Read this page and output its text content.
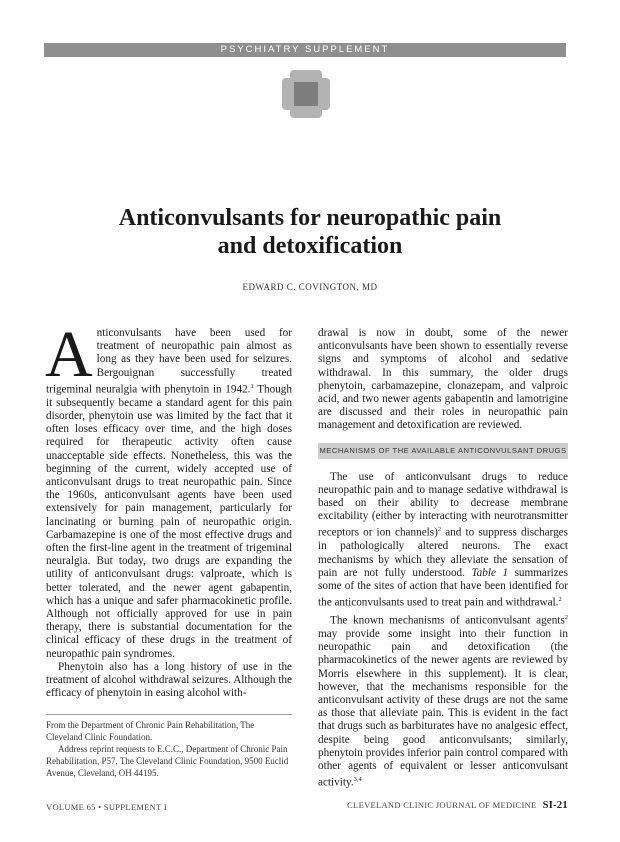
PSYCHIATRY SUPPLEMENT
Anticonvulsants for neuropathic pain
and detoxification
EDWARD C. COVINGTON, MD

Anticonvulsants have been used for treatment of neuropathic pain almost as long as they have been used for seizures. Bergouignan successfully treated trigeminal neuralgia with phenytoin in 1942.$^1$ Though it subsequently became a standard agent for this pain disorder, phenytoin use was limited by the fact that it often loses efficacy over time, and the high doses required for therapeutic activity often cause unacceptable side effects. Nonetheless, this was the beginning of the current, widely accepted use of anticonvulsant drugs to treat neuropathic pain. Since the 1960s, anticonvulsant agents have been used extensively for pain management, particularly for lancinating or burning pain of neuropathic origin. Carbamazepine is one of the most effective drugs and often the first-line agent in the treatment of trigeminal neuralgia. But today, two drugs are expanding the utility of anticonvulsant drugs: valproate, which is better tolerated, and the newer agent gabapentin, which has a unique and safer pharmacokinetic profile. Although not officially approved for use in pain therapy, there is substantial documentation for the clinical efficacy of these drugs in the treatment of neuropathic pain syndromes.

Phenytoin also has a long history of use in the treatment of alcohol withdrawal seizures. Although the efficacy of phenytoin in easing alcohol with-

From the Department of Chronic Pain Rehabilitation, The Cleveland Clinic Foundation.

Address reprint requests to E.C.C., Department of Chronic Pain Rehabilitation, P57, The Cleveland Clinic Foundation, 9500 Euclid Avenue, Cleveland, OH 44195.

drawal is now in doubt, some of the newer anticonvulsants have been shown to essentially reverse signs and symptoms of alcohol and sedative withdrawal. In this summary, the older drugs phenytoin, carbamazepine, clonazepam, and valproic acid, and two newer agents gabapentin and lamotrigine are discussed and their roles in neuropathic pain management and detoxification are reviewed.

MECHANISMS OF THE AVAILABLE ANTICONVULSANT DRUGS

The use of anticonvulsant drugs to reduce neuropathic pain and to manage sedative withdrawal is based on their ability to decrease membrane excitability (either by interacting with neurotransmitter receptors or ion channels)$^2$ and to suppress discharges in pathologically altered neurons. The exact mechanisms by which they alleviate the sensation of pain are not fully understood. Table 1 summarizes some of the sites of action that have been identified for the anticonvulsants used to treat pain and withdrawal.$^2$

The known mechanisms of anticonvulsant agents$^2$ may provide some insight into their function in neuropathic pain and detoxification (the pharmacokinetics of the newer agents are reviewed by Morris elsewhere in this supplement). It is clear, however, that the mechanisms responsible for the anticonvulsant activity of these drugs are not the same as those that alleviate pain. This is evident in the fact that drugs such as barbiturates have no analgesic effect, despite being good anticonvulsants; similarly, phenytoin provides inferior pain control compared with other agents of equivalent or lesser anticonvulsant activity.$^{3,4}$

VOLUME 65 • SUPPLEMENT I	CLEVELAND CLINIC JOURNAL OF MEDICINE SI-21
